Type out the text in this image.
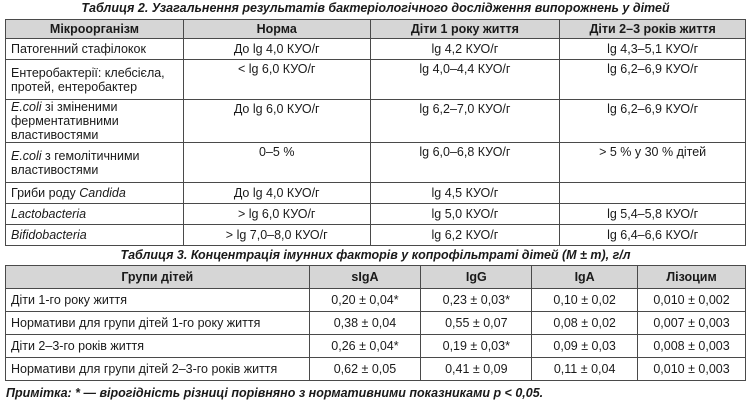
Таблиця 2. Узагальнення результатів бактеріологічного дослідження випорожнень у дітей
Мікроорганізм	Норма	Діти 1 року життя	Діти 2–3 років життя
Патогенний стафілокок	До lg 4,0 КУО/г	lg 4,2 КУО/г	lg 4,3–5,1 КУО/г
Ентеробактерії: клебсієла, протей, ентеробактер	< lg 6,0 КУО/г	lg 4,0–4,4 КУО/г	lg 6,2–6,9 КУО/г
E.coli зі зміненими ферментативними властивостями	До lg 6,0 КУО/г	lg 6,2–7,0 КУО/г	lg 6,2–6,9 КУО/г
E.coli з гемолітичними властивостями	0–5 %	lg 6,0–6,8 КУО/г	> 5 % у 30 % дітей
Гриби роду Candida	До lg 4,0 КУО/г	lg 4,5 КУО/г	
Lactobacteria	> lg 6,0 КУО/г	lg 5,0 КУО/г	lg 5,4–5,8 КУО/г
Bifidobacteria	> lg 7,0–8,0 КУО/г	lg 6,2 КУО/г	lg 6,4–6,6 КУО/г
Таблиця 3. Концентрація імунних факторів у копрофільтраті дітей (M ± m), г/л
Групи дітей	sIgA	IgG	IgA	Лізоцим
Діти 1-го року життя	0,20 ± 0,04*	0,23 ± 0,03*	0,10 ± 0,02	0,010 ± 0,002
Нормативи для групи дітей 1-го року життя	0,38 ± 0,04	0,55 ± 0,07	0,08 ± 0,02	0,007 ± 0,003
Діти 2–3-го років життя	0,26 ± 0,04*	0,19 ± 0,03*	0,09 ± 0,03	0,008 ± 0,003
Нормативи для групи дітей 2–3-го років життя	0,62 ± 0,05	0,41 ± 0,09	0,11 ± 0,04	0,010 ± 0,003
Примітка: * — вірогідність різниці порівняно з нормативними показниками р < 0,05.
